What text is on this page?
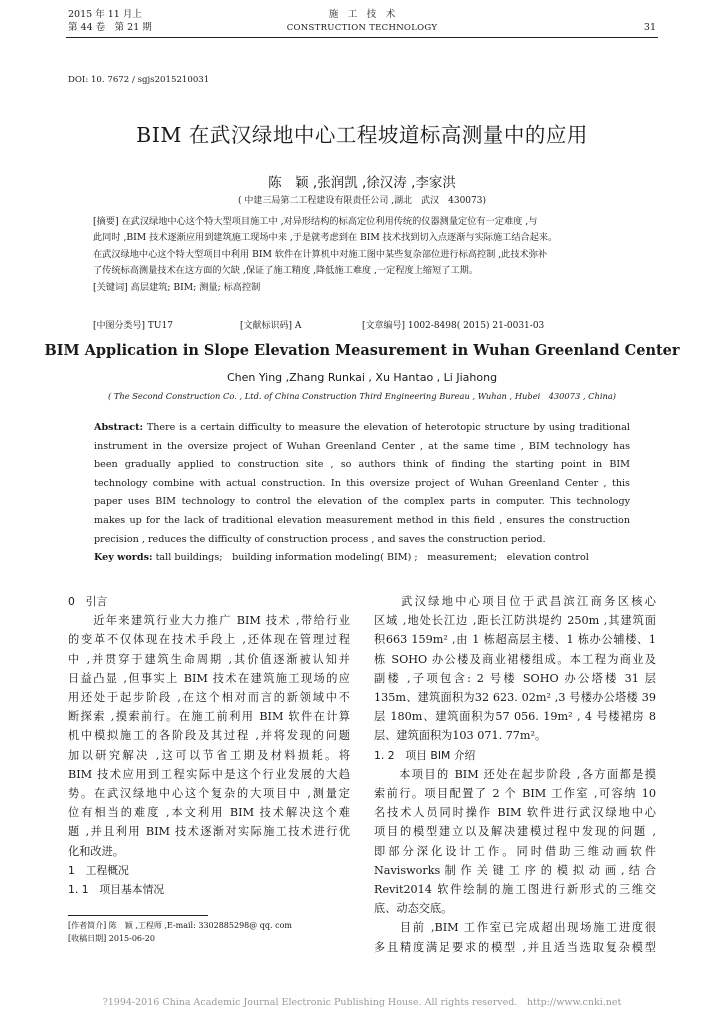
2015 年 11 月上
第 44 卷　第 21 期
施　工　技　术
CONSTRUCTION TECHNOLOGY	31
DOI: 10. 7672 / sgjs2015210031
BIM 在武汉绿地中心工程坡道标高测量中的应用
陈　颖 ,张润凯 ,徐汉涛 ,李家洪
( 中建三局第二工程建设有限责任公司 ,湖北　武汉　430073)

[摘要] 在武汉绿地中心这个特大型项目施工中 ,对异形结构的标高定位利用传统的仪器测量定位有一定难度 ,与

此同时 ,BIM 技术逐渐应用到建筑施工现场中来 ,于是就考虑到在 BIM 技术找到切入点逐渐与实际施工结合起来。

在武汉绿地中心这个特大型项目中利用 BIM 软件在计算机中对施工图中某些复杂部位进行标高控制 ,此技术弥补

了传统标高测量技术在这方面的欠缺 ,保证了施工精度 ,降低施工难度 ,一定程度上缩短了工期。

[关键词] 高层建筑; BIM; 测量; 标高控制

[中图分类号] TU17	[文献标识码] A	[文章编号] 1002-8498( 2015) 21-0031-03
BIM Application in Slope Elevation Measurement in Wuhan Greenland Center
Chen Ying ,Zhang Runkai , Xu Hantao , Li Jiahong
( The Second Construction Co. , Ltd. of China Construction Third Engineering Bureau , Wuhan , Hubei　430073 , China)

Abstract: There is a certain difficulty to measure the elevation of heterotopic structure by using traditional

instrument in the oversize project of Wuhan Greenland Center , at the same time , BIM technology has

been gradually applied to construction site , so authors think of finding the starting point in BIM

technology combine with actual construction. In this oversize project of Wuhan Greenland Center , this

paper uses BIM technology to control the elevation of the complex parts in computer. This technology

makes up for the lack of traditional elevation measurement method in this field , ensures the construction

precision , reduces the difficulty of construction process , and saves the construction period.

Key words: tall buildings;　building information modeling( BIM) ;　measurement;　elevation control

0　引言

　　近年来建筑行业大力推广 BIM 技术 ,带给行业

的变革不仅体现在技术手段上 ,还体现在管理过程

中 ,并贯穿于建筑生命周期 ,其价值逐渐被认知并

日益凸显 ,但事实上 BIM 技术在建筑施工现场的应

用还处于起步阶段 ,在这个相对而言的新领域中不

断探索 ,摸索前行。在施工前利用 BIM 软件在计算

机中模拟施工的各阶段及其过程 ,并将发现的问题

加以研究解决 ,这可以节省工期及材料损耗。将

BIM 技术应用到工程实际中是这个行业发展的大趋

势。在武汉绿地中心这个复杂的大项目中 ,测量定

位有相当的难度 ,本文利用 BIM 技术解决这个难

题 ,并且利用 BIM 技术逐渐对实际施工技术进行优

化和改进。

1　工程概况

1. 1　项目基本情况

[作者简介] 陈　颖 ,工程师 ,E-mail: 3302885298@ qq. com
[收稿日期] 2015-06-20

　　武汉绿地中心项目位于武昌滨江商务区核心

区域 ,地处长江边 ,距长江防洪堤约 250m ,其建筑面

积663 159m² ,由 1 栋超高层主楼、1 栋办公辅楼、1

栋 SOHO 办公楼及商业裙楼组成。本工程为商业及

副楼 ,子项包含: 2 号楼 SOHO 办公塔楼 31 层

135m、建筑面积为32 623. 02m² ,3 号楼办公塔楼 39

层 180m、建筑面积为57 056. 19m² , 4 号楼裙房 8

层、建筑面积为103 071. 77m²。

1. 2　项目 BIM 介绍

　　本项目的 BIM 还处在起步阶段 ,各方面都是摸

索前行。项目配置了 2 个 BIM 工作室 ,可容纳 10

名技术人员同时操作 BIM 软件进行武汉绿地中心

项目的模型建立以及解决建模过程中发现的问题 ,

即部分深化设计工作。同时借助三维动画软件

Navisworks 制 作 关 键 工 序 的 模 拟 动 画 , 结 合

Revit2014 软件绘制的施工图进行新形式的三维交

底、动态交底。

　　目前 ,BIM 工作室已完成超出现场施工进度很

多且精度满足要求的模型 ,并且适当选取复杂模型

?1994-2016 China Academic Journal Electronic Publishing House. All rights reserved.　http://www.cnki.net
